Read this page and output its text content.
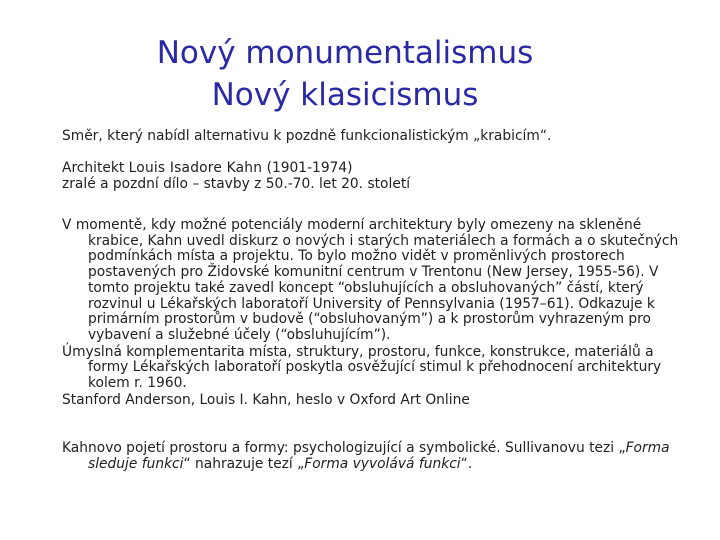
Nový monumentalismus
Nový klasicismus

Směr, který nabídl alternativu k pozdně funkcionalistickým „krabicím“.

Architekt Louis Isadore Kahn (1901-1974)
zralé a pozdní dílo – stavby z 50.-70. let 20. století

V momentě, kdy možné potenciály moderní architektury byly omezeny na skleněné krabice, Kahn uvedl diskurz o nových i starých materiálech a formách a o skutečných podmínkách místa a projektu. To bylo možno vidět v proměnlivých prostorech postavených pro Židovské komunitní centrum v Trentonu (New Jersey, 1955-56). V tomto projektu také zavedl koncept “obsluhujících a obsluhovaných” částí, který rozvinul u Lékařských laboratoří University of Pennsylvania (1957–61). Odkazuje k primárním prostorům v budově (“obsluhovaným”) a k prostorům vyhrazeným pro vybavení a služebné účely (“obsluhujícím”).

Úmyslná komplementarita místa, struktury, prostoru, funkce, konstrukce, materiálů a formy Lékařských laboratoří poskytla osvěžující stimul k přehodnocení architektury kolem r. 1960.

Stanford Anderson, Louis I. Kahn, heslo v Oxford Art Online

Kahnovo pojetí prostoru a formy: psychologizující a symbolické. Sullivanovu tezi „Forma sleduje funkci“ nahrazuje tezí „Forma vyvolává funkci“.
